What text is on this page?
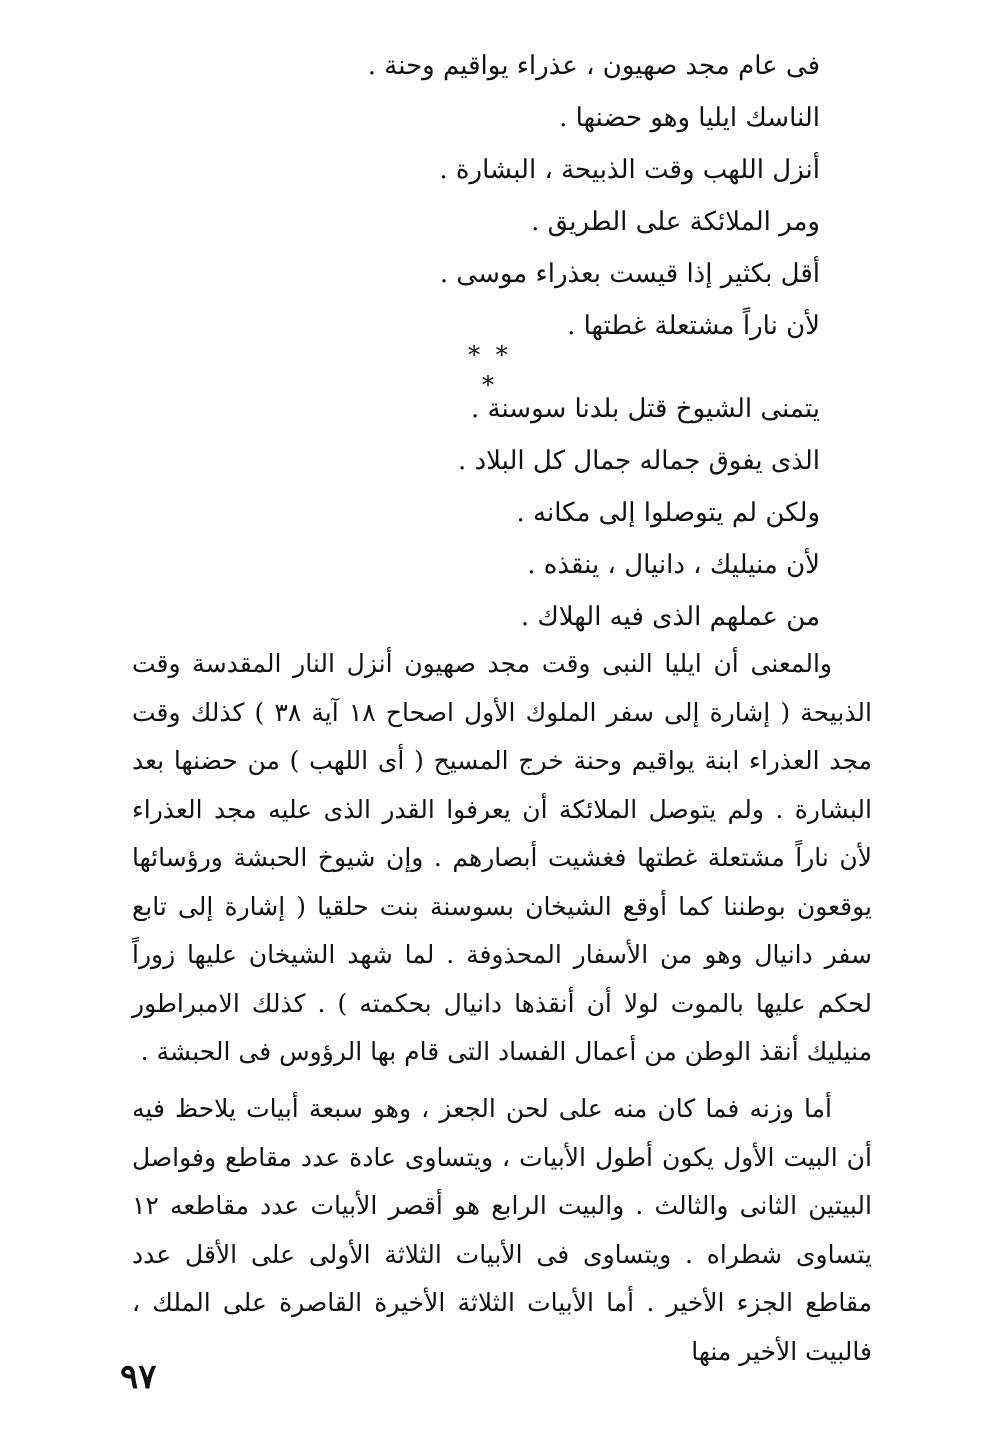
فى عام مجد صهيون ، عذراء يواقيم وحنة .
الناسك ايليا وهو حضنها .
أنزل اللهب وقت الذبيحة ، البشارة .
ومر الملائكة على الطريق .
أقل بكثير إذا قيست بعذراء موسى .
لأن ناراً مشتعلة غطتها .
* * *
يتمنى الشيوخ قتل بلدنا سوسنة .
الذى يفوق جماله جمال كل البلاد .
ولكن لم يتوصلوا إلى مكانه .
لأن منيليك ، دانيال ، ينقذه .
من عملهم الذى فيه الهلاك .

والمعنى أن ايليا النبى وقت مجد صهيون أنزل النار المقدسة وقت الذبيحة ( إشارة إلى سفر الملوك الأول اصحاح ١٨ آية ٣٨ ) كذلك وقت مجد العذراء ابنة يواقيم وحنة خرج المسيح ( أى اللهب ) من حضنها بعد البشارة . ولم يتوصل الملائكة أن يعرفوا القدر الذى عليه مجد العذراء لأن ناراً مشتعلة غطتها فغشيت أبصارهم . وإن شيوخ الحبشة ورؤسائها يوقعون بوطننا كما أوقع الشيخان بسوسنة بنت حلقيا ( إشارة إلى تابع سفر دانيال وهو من الأسفار المحذوفة . لما شهد الشيخان عليها زوراً لحكم عليها بالموت لولا أن أنقذها دانيال بحكمته ) . كذلك الامبراطور منيليك أنقذ الوطن من أعمال الفساد التى قام بها الرؤوس فى الحبشة .

أما وزنه فما كان منه على لحن الجعز ، وهو سبعة أبيات يلاحظ فيه أن البيت الأول يكون أطول الأبيات ، ويتساوى عادة عدد مقاطع وفواصل البيتين الثانى والثالث . والبيت الرابع هو أقصر الأبيات عدد مقاطعه ١٢ يتساوى شطراه . ويتساوى فى الأبيات الثلاثة الأولى على الأقل عدد مقاطع الجزء الأخير . أما الأبيات الثلاثة الأخيرة القاصرة على الملك ، فالبيت الأخير منها

٩٧
